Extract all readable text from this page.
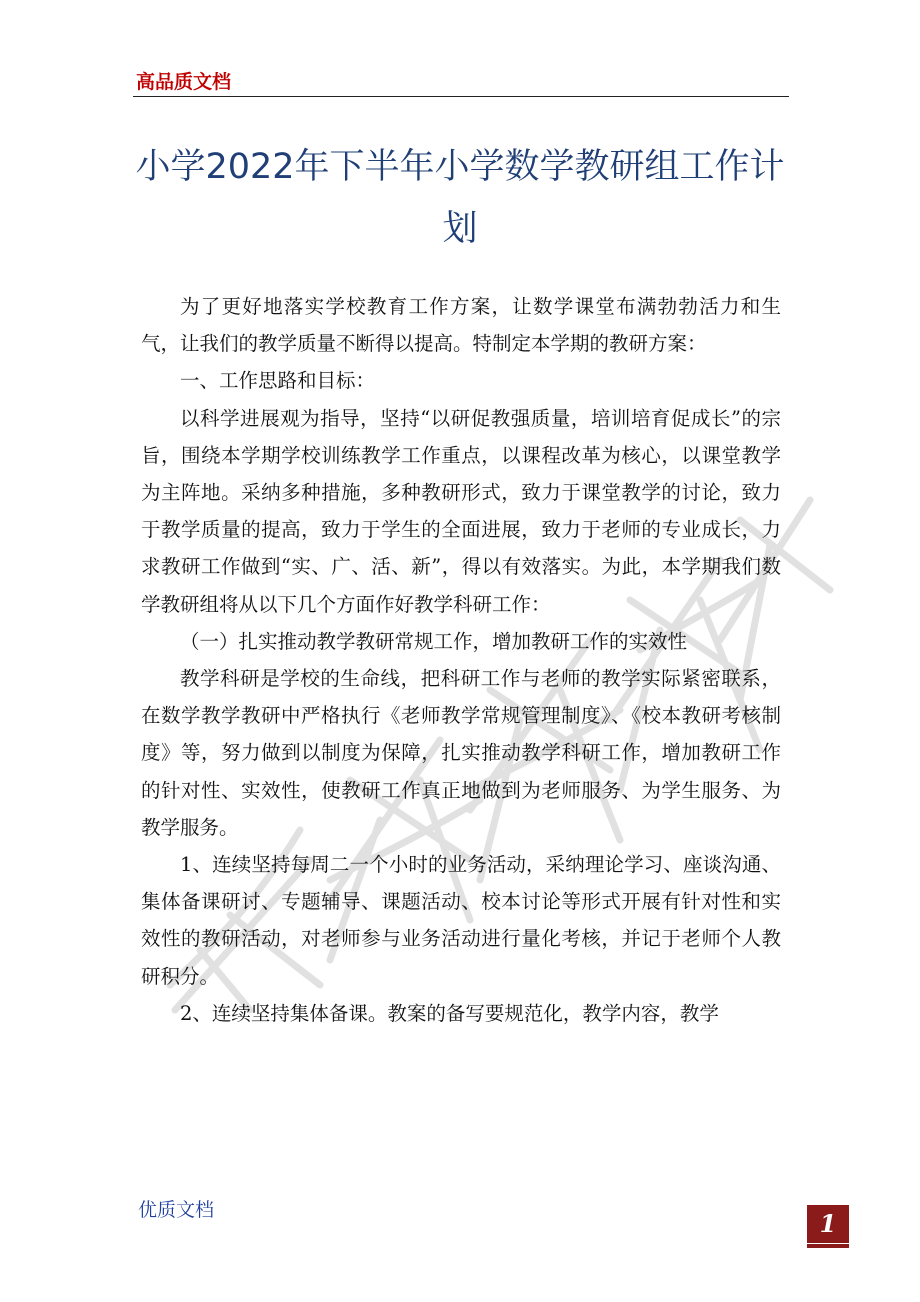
高品质文档
小学2022年下半年小学数学教研组工作计划

为了更好地落实学校教育工作方案，让数学课堂布满勃勃活力和生气，让我们的教学质量不断得以提高。特制定本学期的教研方案：

一、工作思路和目标：

以科学进展观为指导，坚持“以研促教强质量，培训培育促成长”的宗旨，围绕本学期学校训练教学工作重点，以课程改革为核心，以课堂教学为主阵地。采纳多种措施，多种教研形式，致力于课堂教学的讨论，致力于教学质量的提高，致力于学生的全面进展，致力于老师的专业成长，力求教研工作做到“实、广、活、新”，得以有效落实。为此，本学期我们数学教研组将从以下几个方面作好教学科研工作：

（一）扎实推动教学教研常规工作，增加教研工作的实效性

教学科研是学校的生命线，把科研工作与老师的教学实际紧密联系，在数学教学教研中严格执行《老师教学常规管理制度》、《校本教研考核制度》等，努力做到以制度为保障，扎实推动教学科研工作，增加教研工作的针对性、实效性，使教研工作真正地做到为老师服务、为学生服务、为教学服务。

1、连续坚持每周二一个小时的业务活动，采纳理论学习、座谈沟通、集体备课研讨、专题辅导、课题活动、校本讨论等形式开展有针对性和实效性的教研活动，对老师参与业务活动进行量化考核，并记于老师个人教研积分。

2、连续坚持集体备课。教案的备写要规范化，教学内容，教学

优质文档	1
